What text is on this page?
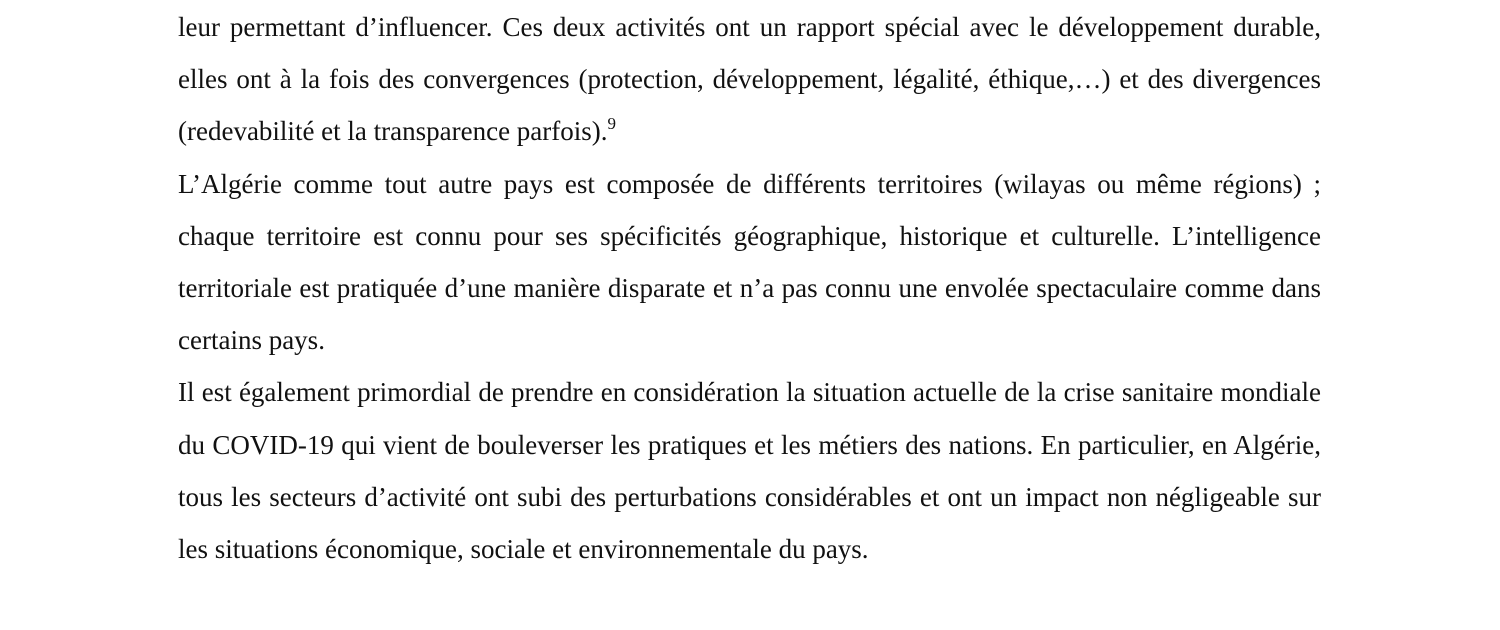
leur permettant d’influencer. Ces deux activités ont un rapport spécial avec le développement durable, elles ont à la fois des convergences (protection, développement, légalité, éthique,…) et des divergences (redevabilité et la transparence parfois).$^9$

L’Algérie comme tout autre pays est composée de différents territoires (wilayas ou même régions) ; chaque territoire est connu pour ses spécificités géographique, historique et culturelle. L’intelligence territoriale est pratiquée d’une manière disparate et n’a pas connu une envolée spectaculaire comme dans certains pays.

Il est également primordial de prendre en considération la situation actuelle de la crise sanitaire mondiale du COVID-19 qui vient de bouleverser les pratiques et les métiers des nations. En particulier, en Algérie, tous les secteurs d’activité ont subi des perturbations considérables et ont un impact non négligeable sur les situations économique, sociale et environnementale du pays.
